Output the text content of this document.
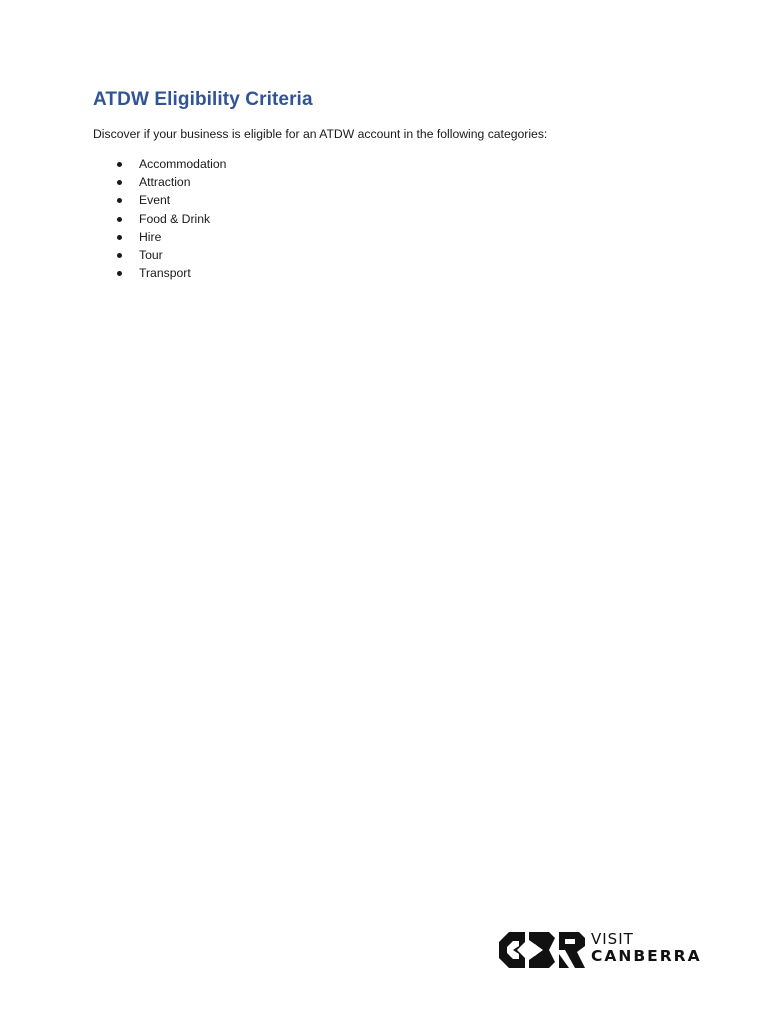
ATDW Eligibility Criteria

Discover if your business is eligible for an ATDW account in the following categories:

Accommodation
Attraction
Event
Food & Drink
Hire
Tour
Transport
VISIT
CANBERRA
